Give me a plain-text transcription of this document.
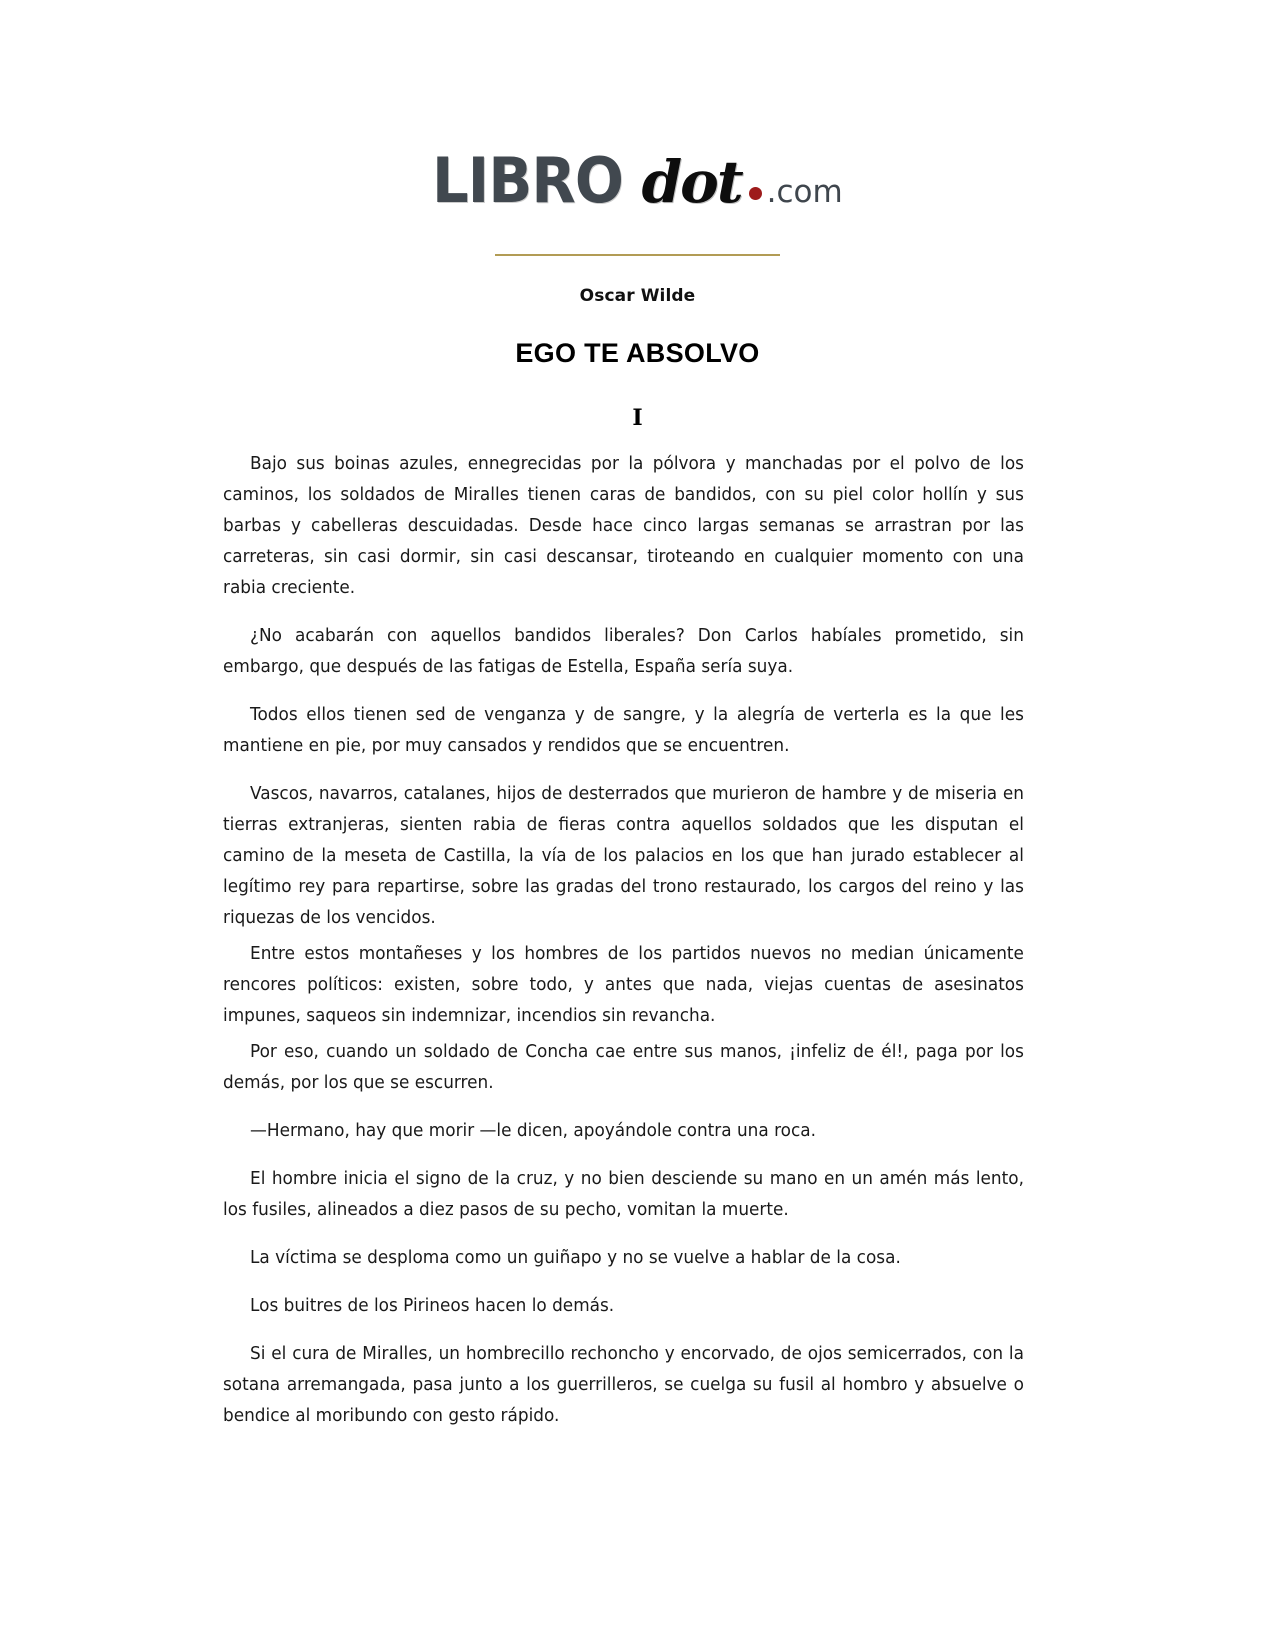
LIBRO dot .com
Oscar Wilde
EGO TE ABSOLVO
I

Bajo sus boinas azules, ennegrecidas por la pólvora y manchadas por el polvo de los caminos, los soldados de Miralles tienen caras de bandidos, con su piel color hollín y sus barbas y cabelleras descuidadas. Desde hace cinco largas semanas se arrastran por las carreteras, sin casi dormir, sin casi descansar, tiroteando en cualquier momento con una rabia creciente.

¿No acabarán con aquellos bandidos liberales? Don Carlos habíales prometido, sin embargo, que después de las fatigas de Estella, España sería suya.

Todos ellos tienen sed de venganza y de sangre, y la alegría de verterla es la que les mantiene en pie, por muy cansados y rendidos que se encuentren.

Vascos, navarros, catalanes, hijos de desterrados que murieron de hambre y de miseria en tierras extranjeras, sienten rabia de fieras contra aquellos soldados que les disputan el camino de la meseta de Castilla, la vía de los palacios en los que han jurado establecer al legítimo rey para repartirse, sobre las gradas del trono restaurado, los cargos del reino y las riquezas de los vencidos.

Entre estos montañeses y los hombres de los partidos nuevos no median únicamente rencores políticos: existen, sobre todo, y antes que nada, viejas cuentas de asesinatos impunes, saqueos sin indemnizar, incendios sin revancha.

Por eso, cuando un soldado de Concha cae entre sus manos, ¡infeliz de él!, paga por los demás, por los que se escurren.

—Hermano, hay que morir —le dicen, apoyándole contra una roca.

El hombre inicia el signo de la cruz, y no bien desciende su mano en un amén más lento, los fusiles, alineados a diez pasos de su pecho, vomitan la muerte.

La víctima se desploma como un guiñapo y no se vuelve a hablar de la cosa.

Los buitres de los Pirineos hacen lo demás.

Si el cura de Miralles, un hombrecillo rechoncho y encorvado, de ojos semicerrados, con la sotana arremangada, pasa junto a los guerrilleros, se cuelga su fusil al hombro y absuelve o bendice al moribundo con gesto rápido.
